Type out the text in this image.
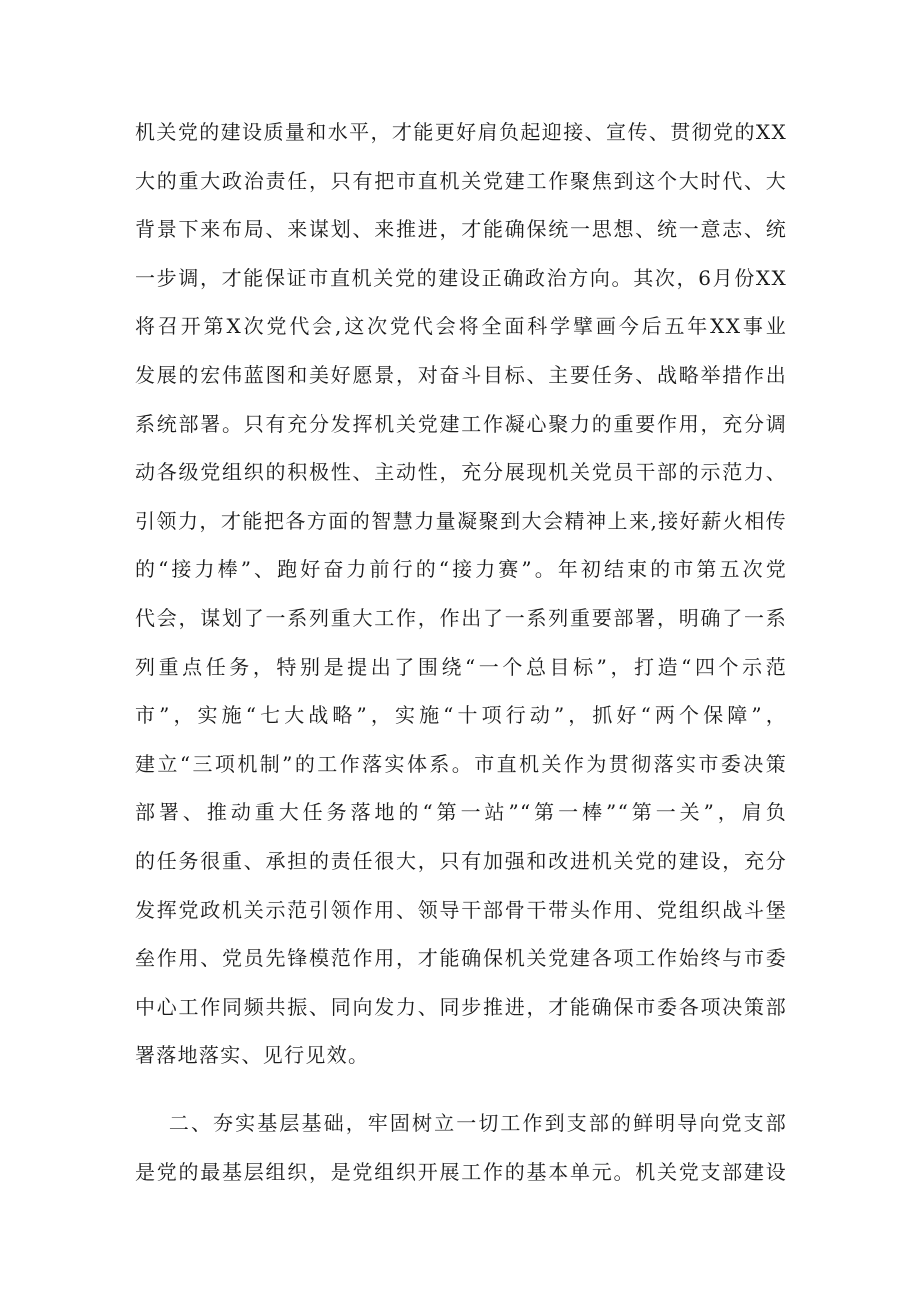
机关党的建设质量和水平，才能更好肩负起迎接、宣传、贯彻党的XX
大的重大政治责任，只有把市直机关党建工作聚焦到这个大时代、大
背景下来布局、来谋划、来推进，才能确保统一思想、统一意志、统
一步调，才能保证市直机关党的建设正确政治方向。其次，6月份XX
将召开第X次党代会,这次党代会将全面科学擘画今后五年XX事业
发展的宏伟蓝图和美好愿景，对奋斗目标、主要任务、战略举措作出
系统部署。只有充分发挥机关党建工作凝心聚力的重要作用，充分调
动各级党组织的积极性、主动性，充分展现机关党员干部的示范力、
引领力，才能把各方面的智慧力量凝聚到大会精神上来,接好薪火相传
的“接力棒”、跑好奋力前行的“接力赛”。年初结束的市第五次党
代会，谋划了一系列重大工作，作出了一系列重要部署，明确了一系
列重点任务，特别是提出了围绕“一个总目标”，打造“四个示范
市”，实施“七大战略”，实施“十项行动”，抓好“两个保障”，
建立“三项机制”的工作落实体系。市直机关作为贯彻落实市委决策
部署、推动重大任务落地的“第一站”“第一棒”“第一关”，肩负
的任务很重、承担的责任很大，只有加强和改进机关党的建设，充分
发挥党政机关示范引领作用、领导干部骨干带头作用、党组织战斗堡
垒作用、党员先锋模范作用，才能确保机关党建各项工作始终与市委
中心工作同频共振、同向发力、同步推进，才能确保市委各项决策部
署落地落实、见行见效。
二、夯实基层基础，牢固树立一切工作到支部的鲜明导向党支部
是党的最基层组织，是党组织开展工作的基本单元。机关党支部建设
